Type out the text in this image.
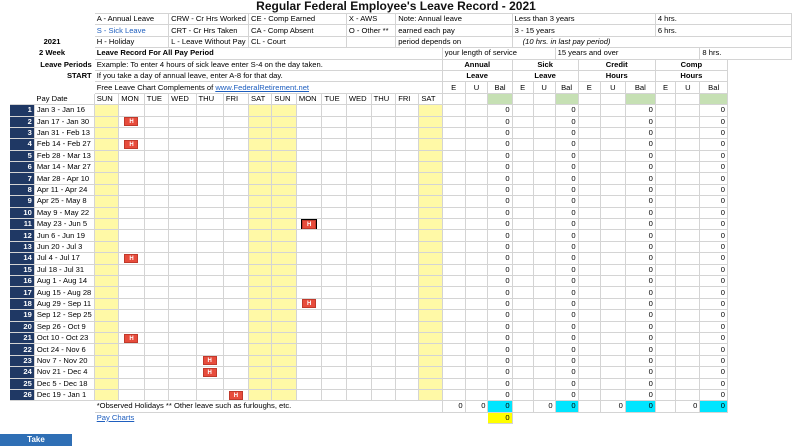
Regular Federal Employee's Leave Record - 2021
			A - Annual Leave			CRW - Cr Hrs Worked			CE - Comp Earned				X - AWS		Note: Annual leave					Less than 3 years						4 hrs.		
			S - Sick Leave			CRT - Cr Hrs Taken			CA - Comp Absent				O - Other **		earned each pay					3 - 15 years						6 hrs.		
	2021		H - Holiday			L - Leave Without Pay			CL - Court						period depends on					(10 hrs. in last pay period)								
	2 Week		Leave Record For All Pay Period														your length of service					15 years and over						8 hrs.
	Leave Periods		Example: To enter 4 hours of sick leave enter S-4 on the day taken.														Annual			Sick			Credit			Comp		
	START		If you take a day of annual leave, enter A-8 for that day.														Leave			Leave			Hours			Hours		
			Free Leave Chart Complements of www.FederalRetirement.net														E	U	Bal	E	U	Bal	E	U	Bal	E	U	Bal
	Pay Date		SUN	MON	TUE	WED	THU	FRI	SAT	SUN	MON	TUE	WED	THU	FRI	SAT												
	1	Jan 3 - Jan 16																	0			0			0			0
	2	Jan 17 - Jan 30		H															0			0			0			0
	3	Jan 31 - Feb 13																	0			0			0			0
	4	Feb 14 - Feb 27		H															0			0			0			0
	5	Feb 28 - Mar 13																	0			0			0			0
	6	Mar 14 - Mar 27																	0			0			0			0
	7	Mar 28 - Apr 10																	0			0			0			0
	8	Apr 11 - Apr 24																	0			0			0			0
	9	Apr 25 - May 8																	0			0			0			0
	10	May 9 - May 22																	0			0			0			0
	11	May 23 - Jun 5									H								0			0			0			0
	12	Jun 6 - Jun 19																	0			0			0			0
	13	Jun 20 - Jul 3																	0			0			0			0
	14	Jul 4 - Jul 17		H															0			0			0			0
	15	Jul 18 - Jul 31																	0			0			0			0
	16	Aug 1 - Aug 14																	0			0			0			0
	17	Aug 15 - Aug 28																	0			0			0			0
	18	Aug 29 - Sep 11									H								0			0			0			0
	19	Sep 12 - Sep 25																	0			0			0			0
	20	Sep 26 - Oct 9																	0			0			0			0
	21	Oct 10 - Oct 23		H															0			0			0			0
	22	Oct 24 - Nov 6																	0			0			0			0
	23	Nov 7 - Nov 20					H												0			0			0			0
	24	Nov 21 - Dec 4					H												0			0			0			0
	25	Dec 5 - Dec 18																	0			0			0			0
	26	Dec 19 - Jan 1						H											0			0			0			0
			*Observed Holidays ** Other leave such as furloughs, etc.														0	0	0		0	0		0	0		0	0
			Pay Charts																0									
Take
